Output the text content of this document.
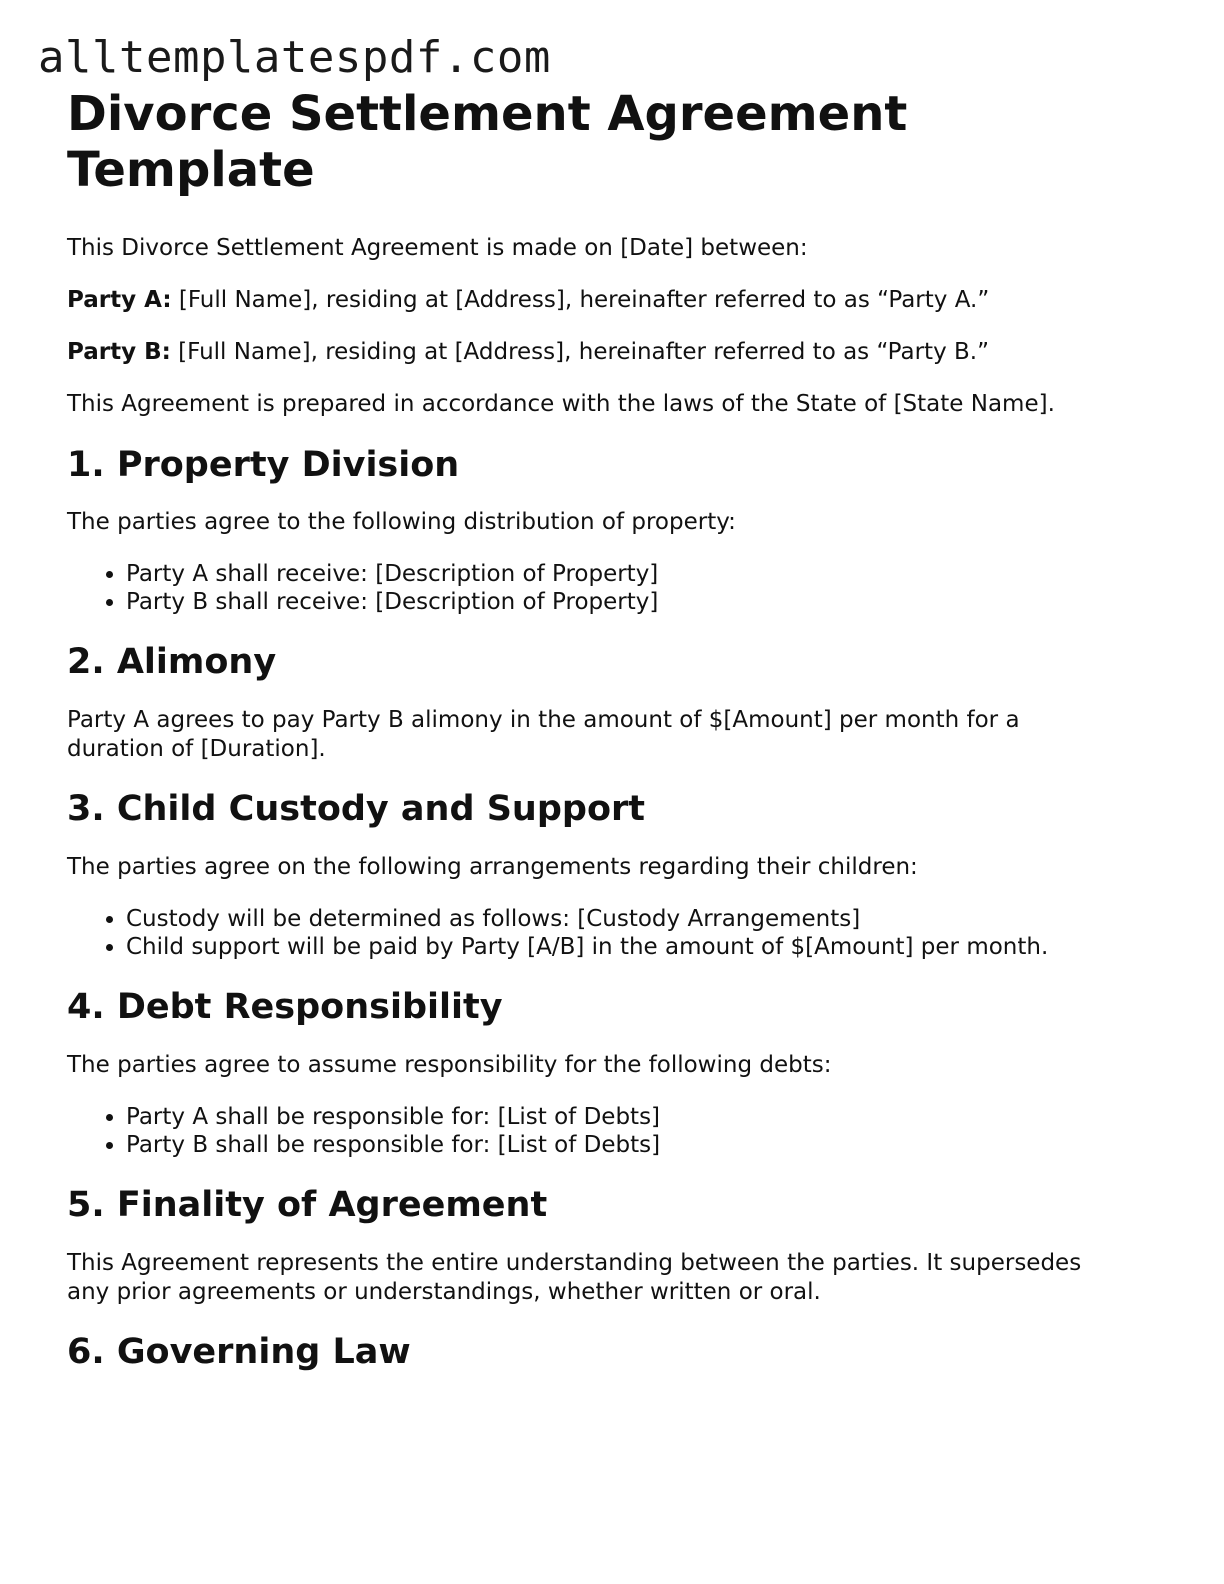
alltemplatespdf.com
Divorce Settlement Agreement
Template
This Divorce Settlement Agreement is made on [Date] between:
Party A: [Full Name], residing at [Address], hereinafter referred to as “Party A.”
Party B: [Full Name], residing at [Address], hereinafter referred to as “Party B.”
This Agreement is prepared in accordance with the laws of the State of [State Name].
1. Property Division
The parties agree to the following distribution of property:
• Party A shall receive: [Description of Property]
• Party B shall receive: [Description of Property]
2. Alimony
Party A agrees to pay Party B alimony in the amount of $[Amount] per month for a
duration of [Duration].
3. Child Custody and Support
The parties agree on the following arrangements regarding their children:
• Custody will be determined as follows: [Custody Arrangements]
• Child support will be paid by Party [A/B] in the amount of $[Amount] per month.
4. Debt Responsibility
The parties agree to assume responsibility for the following debts:
• Party A shall be responsible for: [List of Debts]
• Party B shall be responsible for: [List of Debts]
5. Finality of Agreement
This Agreement represents the entire understanding between the parties. It supersedes
any prior agreements or understandings, whether written or oral.
6. Governing Law
